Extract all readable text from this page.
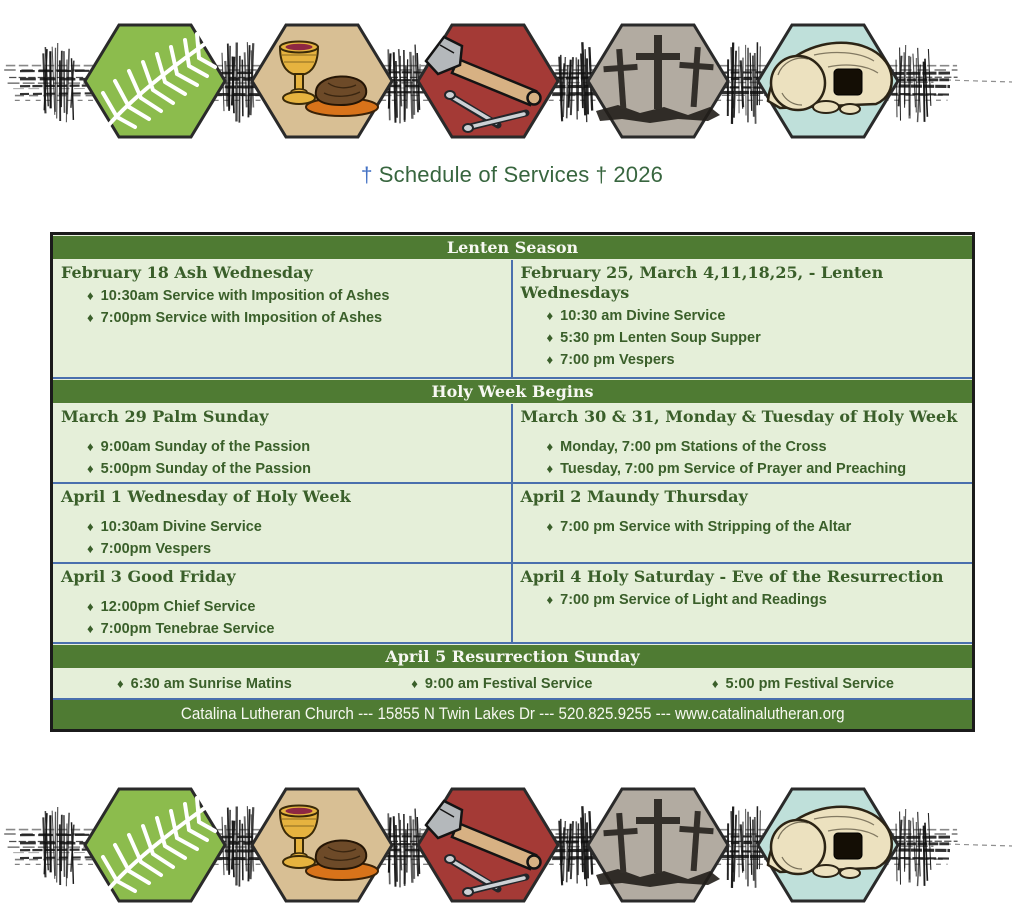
† Schedule of Services † 2026
Lenten Season
February 18 Ash Wednesday
♦ 10:30am Service with Imposition of Ashes
♦ 7:00pm Service with Imposition of Ashes
February 25, March 4,11,18,25, - Lenten Wednesdays
♦ 10:30 am Divine Service
♦ 5:30 pm Lenten Soup Supper
♦ 7:00 pm Vespers
Holy Week Begins
March 29 Palm Sunday
♦ 9:00am Sunday of the Passion
♦ 5:00pm Sunday of the Passion
March 30 & 31, Monday & Tuesday of Holy Week
♦ Monday, 7:00 pm Stations of the Cross
♦ Tuesday, 7:00 pm Service of Prayer and Preaching
April 1 Wednesday of Holy Week
♦ 10:30am Divine Service
♦ 7:00pm Vespers
April 2 Maundy Thursday
♦ 7:00 pm Service with Stripping of the Altar
April 3 Good Friday
♦ 12:00pm Chief Service
♦ 7:00pm Tenebrae Service
April 4 Holy Saturday - Eve of the Resurrection
♦ 7:00 pm Service of Light and Readings
April 5 Resurrection Sunday
♦ 6:30 am Sunrise Matins	♦ 9:00 am Festival Service	♦ 5:00 pm Festival Service
Catalina Lutheran Church --- 15855 N Twin Lakes Dr --- 520.825.9255 --- www.catalinalutheran.org
